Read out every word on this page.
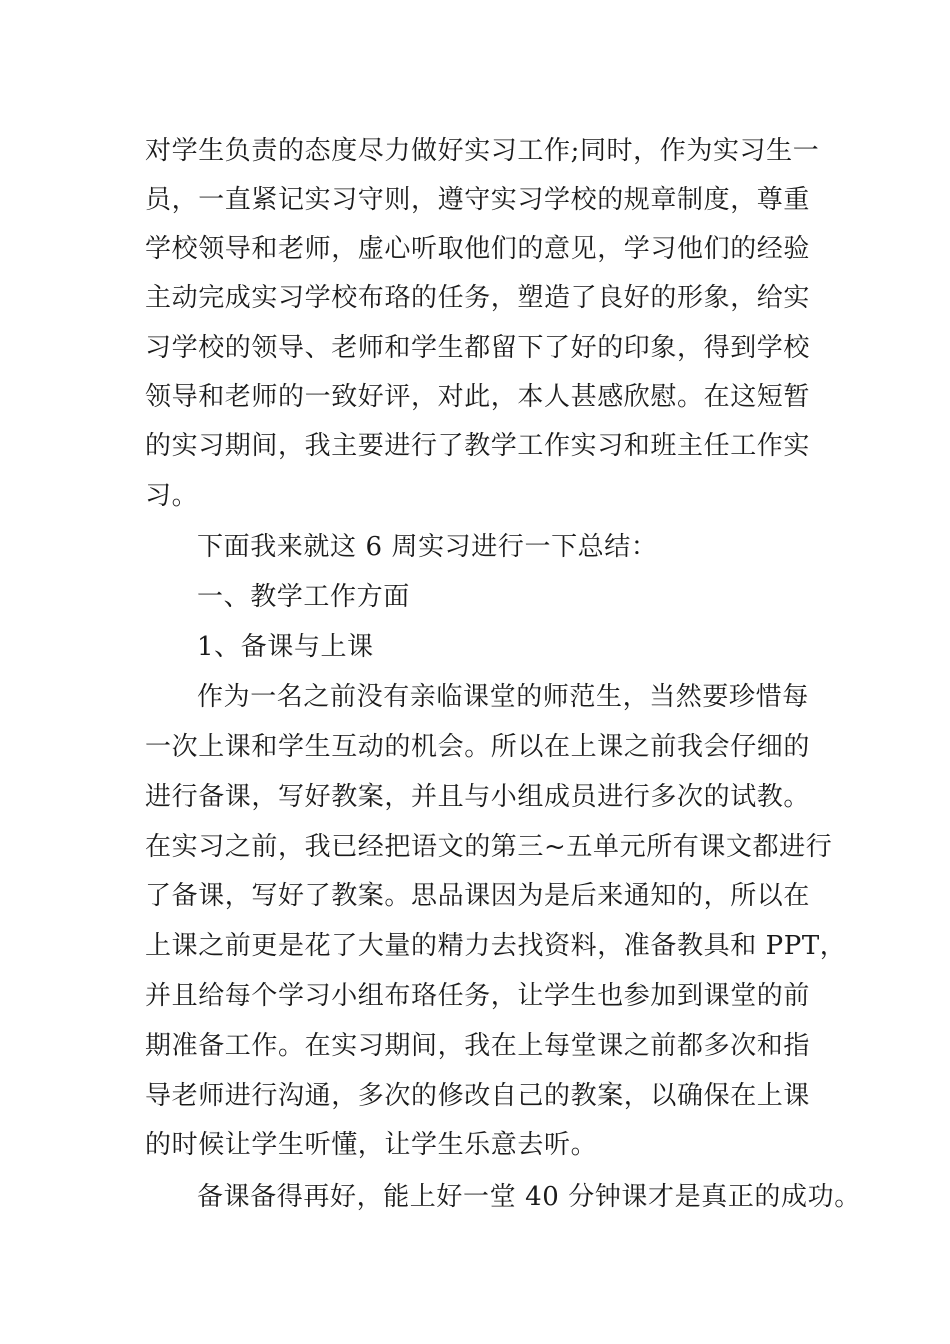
对学生负责的态度尽力做好实习工作;同时，作为实习生一
员，一直紧记实习守则，遵守实习学校的规章制度，尊重
学校领导和老师，虚心听取他们的意见，学习他们的经验
主动完成实习学校布珞的任务，塑造了良好的形象，给实
习学校的领导、老师和学生都留下了好的印象，得到学校
领导和老师的一致好评，对此，本人甚感欣慰。在这短暂
的实习期间，我主要进行了教学工作实习和班主任工作实
习。
下面我来就这 6 周实习进行一下总结：
一、教学工作方面
1、备课与上课
作为一名之前没有亲临课堂的师范生，当然要珍惜每
一次上课和学生互动的机会。所以在上课之前我会仔细的
进行备课，写好教案，并且与小组成员进行多次的试教。
在实习之前，我已经把语文的第三~五单元所有课文都进行
了备课，写好了教案。思品课因为是后来通知的，所以在
上课之前更是花了大量的精力去找资料，准备教具和 PPT，
并且给每个学习小组布珞任务，让学生也参加到课堂的前
期准备工作。在实习期间，我在上每堂课之前都多次和指
导老师进行沟通，多次的修改自己的教案，以确保在上课
的时候让学生听懂，让学生乐意去听。
备课备得再好，能上好一堂 40 分钟课才是真正的成功。
